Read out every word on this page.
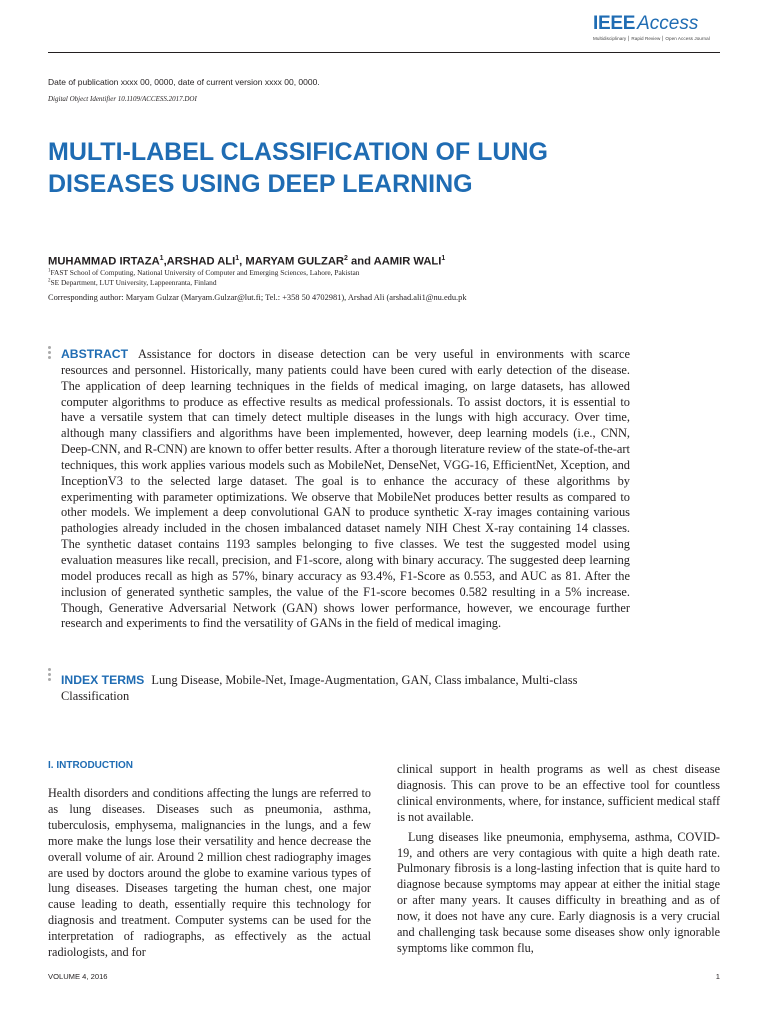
IEEE Access
Multidisciplinary ⎮ Rapid Review ⎮ Open Access Journal
Date of publication xxxx 00, 0000, date of current version xxxx 00, 0000.
Digital Object Identifier 10.1109/ACCESS.2017.DOI
MULTI-LABEL CLASSIFICATION OF LUNG DISEASES USING DEEP LEARNING
MUHAMMAD IRTAZA$^1$,ARSHAD ALI$^1$, MARYAM GULZAR$^2$ and AAMIR WALI$^1$
$^1$FAST School of Computing, National University of Computer and Emerging Sciences, Lahore, Pakistan
$^2$SE Department, LUT University, Lappeenranta, Finland
Corresponding author: Maryam Gulzar (Maryam.Gulzar@lut.fi; Tel.: +358 50 4702981), Arshad Ali (arshad.ali1@nu.edu.pk

ABSTRACT Assistance for doctors in disease detection can be very useful in environments with scarce resources and personnel. Historically, many patients could have been cured with early detection of the disease. The application of deep learning techniques in the fields of medical imaging, on large datasets, has allowed computer algorithms to produce as effective results as medical professionals. To assist doctors, it is essential to have a versatile system that can timely detect multiple diseases in the lungs with high accuracy. Over time, although many classifiers and algorithms have been implemented, however, deep learning models (i.e., CNN, Deep-CNN, and R-CNN) are known to offer better results. After a thorough literature review of the state-of-the-art techniques, this work applies various models such as MobileNet, DenseNet, VGG-16, EfficientNet, Xception, and InceptionV3 to the selected large dataset. The goal is to enhance the accuracy of these algorithms by experimenting with parameter optimizations. We observe that MobileNet produces better results as compared to other models. We implement a deep convolutional GAN to produce synthetic X-ray images containing various pathologies already included in the chosen imbalanced dataset namely NIH Chest X-ray containing 14 classes. The synthetic dataset contains 1193 samples belonging to five classes. We test the suggested model using evaluation measures like recall, precision, and F1-score, along with binary accuracy. The suggested deep learning model produces recall as high as 57%, binary accuracy as 93.4%, F1-Score as 0.553, and AUC as 81. After the inclusion of generated synthetic samples, the value of the F1-score becomes 0.582 resulting in a 5% increase. Though, Generative Adversarial Network (GAN) shows lower performance, however, we encourage further research and experiments to find the versatility of GANs in the field of medical imaging.

INDEX TERMS Lung Disease, Mobile-Net, Image-Augmentation, GAN, Class imbalance, Multi-class Classification

I. INTRODUCTION

Health disorders and conditions affecting the lungs are referred to as lung diseases. Diseases such as pneumonia, asthma, tuberculosis, emphysema, malignancies in the lungs, and a few more make the lungs lose their versatility and hence decrease the overall volume of air. Around 2 million chest radiography images are used by doctors around the globe to examine various types of lung diseases. Diseases targeting the human chest, one major cause leading to death, essentially require this technology for diagnosis and treatment. Computer systems can be used for the interpretation of radiographs, as effectively as the actual radiologists, and for

clinical support in health programs as well as chest disease diagnosis. This can prove to be an effective tool for countless clinical environments, where, for instance, sufficient medical staff is not available.

Lung diseases like pneumonia, emphysema, asthma, COVID-19, and others are very contagious with quite a high death rate. Pulmonary fibrosis is a long-lasting infection that is quite hard to diagnose because symptoms may appear at either the initial stage or after many years. It causes difficulty in breathing and as of now, it does not have any cure. Early diagnosis is a very crucial and challenging task because some diseases show only ignorable symptoms like common flu,

VOLUME 4, 2016	1
